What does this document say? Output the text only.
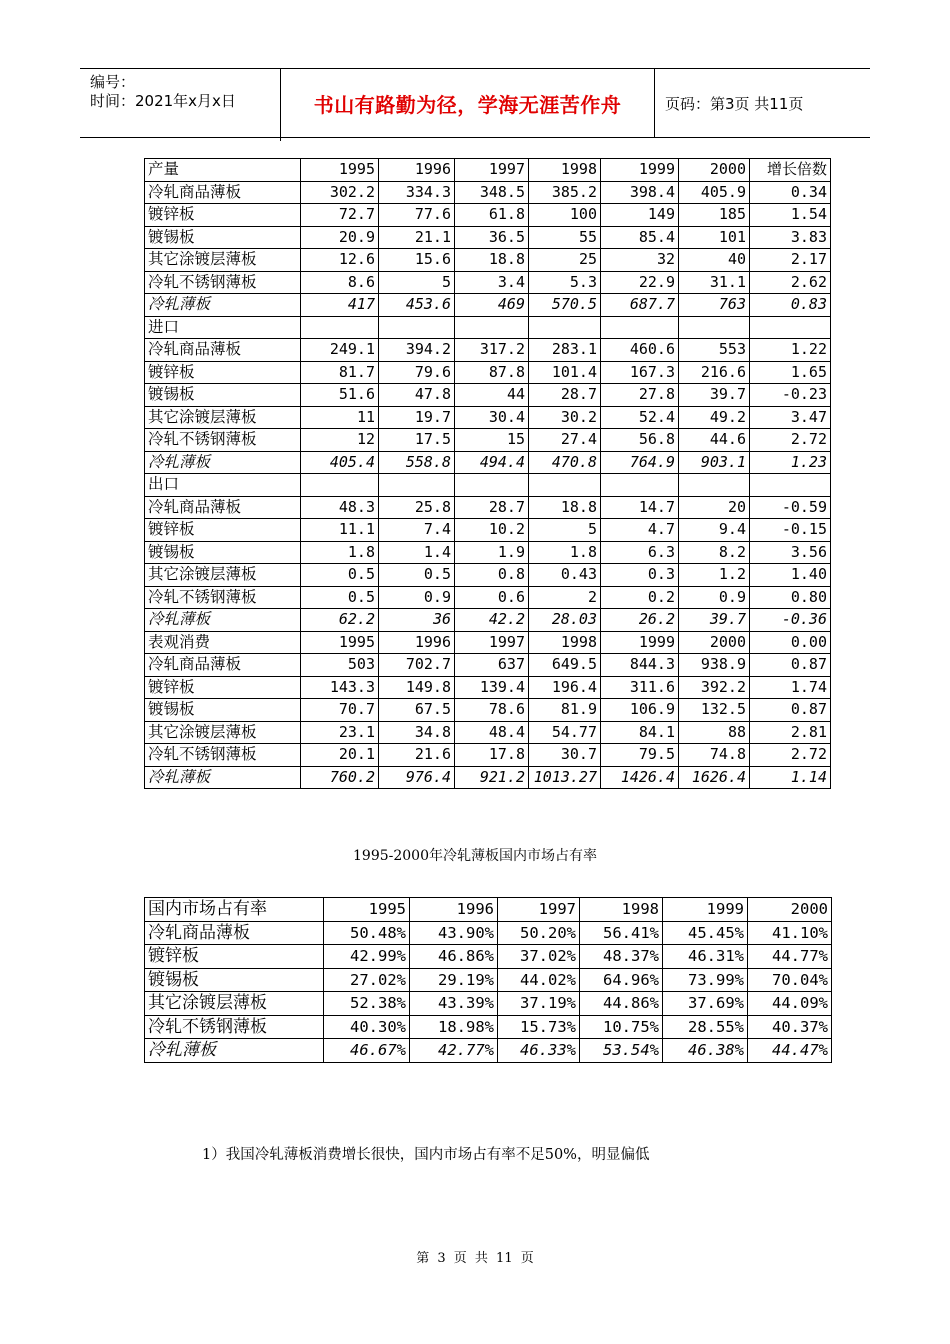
编号：
时间：2021年x月x日	书山有路勤为径，学海无涯苦作舟	页码：第3页 共11页
产量	1995	1996	1997	1998	1999	2000	增长倍数
冷轧商品薄板	302.2	334.3	348.5	385.2	398.4	405.9	0.34
镀锌板	72.7	77.6	61.8	100	149	185	1.54
镀锡板	20.9	21.1	36.5	55	85.4	101	3.83
其它涂镀层薄板	12.6	15.6	18.8	25	32	40	2.17
冷轧不锈钢薄板	8.6	5	3.4	5.3	22.9	31.1	2.62
冷轧薄板	417	453.6	469	570.5	687.7	763	0.83
进口							
冷轧商品薄板	249.1	394.2	317.2	283.1	460.6	553	1.22
镀锌板	81.7	79.6	87.8	101.4	167.3	216.6	1.65
镀锡板	51.6	47.8	44	28.7	27.8	39.7	-0.23
其它涂镀层薄板	11	19.7	30.4	30.2	52.4	49.2	3.47
冷轧不锈钢薄板	12	17.5	15	27.4	56.8	44.6	2.72
冷轧薄板	405.4	558.8	494.4	470.8	764.9	903.1	1.23
出口							
冷轧商品薄板	48.3	25.8	28.7	18.8	14.7	20	-0.59
镀锌板	11.1	7.4	10.2	5	4.7	9.4	-0.15
镀锡板	1.8	1.4	1.9	1.8	6.3	8.2	3.56
其它涂镀层薄板	0.5	0.5	0.8	0.43	0.3	1.2	1.40
冷轧不锈钢薄板	0.5	0.9	0.6	2	0.2	0.9	0.80
冷轧薄板	62.2	36	42.2	28.03	26.2	39.7	-0.36
表观消费	1995	1996	1997	1998	1999	2000	0.00
冷轧商品薄板	503	702.7	637	649.5	844.3	938.9	0.87
镀锌板	143.3	149.8	139.4	196.4	311.6	392.2	1.74
镀锡板	70.7	67.5	78.6	81.9	106.9	132.5	0.87
其它涂镀层薄板	23.1	34.8	48.4	54.77	84.1	88	2.81
冷轧不锈钢薄板	20.1	21.6	17.8	30.7	79.5	74.8	2.72
冷轧薄板	760.2	976.4	921.2	1013.27	1426.4	1626.4	1.14
1995-2000年冷轧薄板国内市场占有率
国内市场占有率	1995	1996	1997	1998	1999	2000
冷轧商品薄板	50.48%	43.90%	50.20%	56.41%	45.45%	41.10%
镀锌板	42.99%	46.86%	37.02%	48.37%	46.31%	44.77%
镀锡板	27.02%	29.19%	44.02%	64.96%	73.99%	70.04%
其它涂镀层薄板	52.38%	43.39%	37.19%	44.86%	37.69%	44.09%
冷轧不锈钢薄板	40.30%	18.98%	15.73%	10.75%	28.55%	40.37%
冷轧薄板	46.67%	42.77%	46.33%	53.54%	46.38%	44.47%
1）我国冷轧薄板消费增长很快，国内市场占有率不足50%，明显偏低
第 3 页 共 11 页
